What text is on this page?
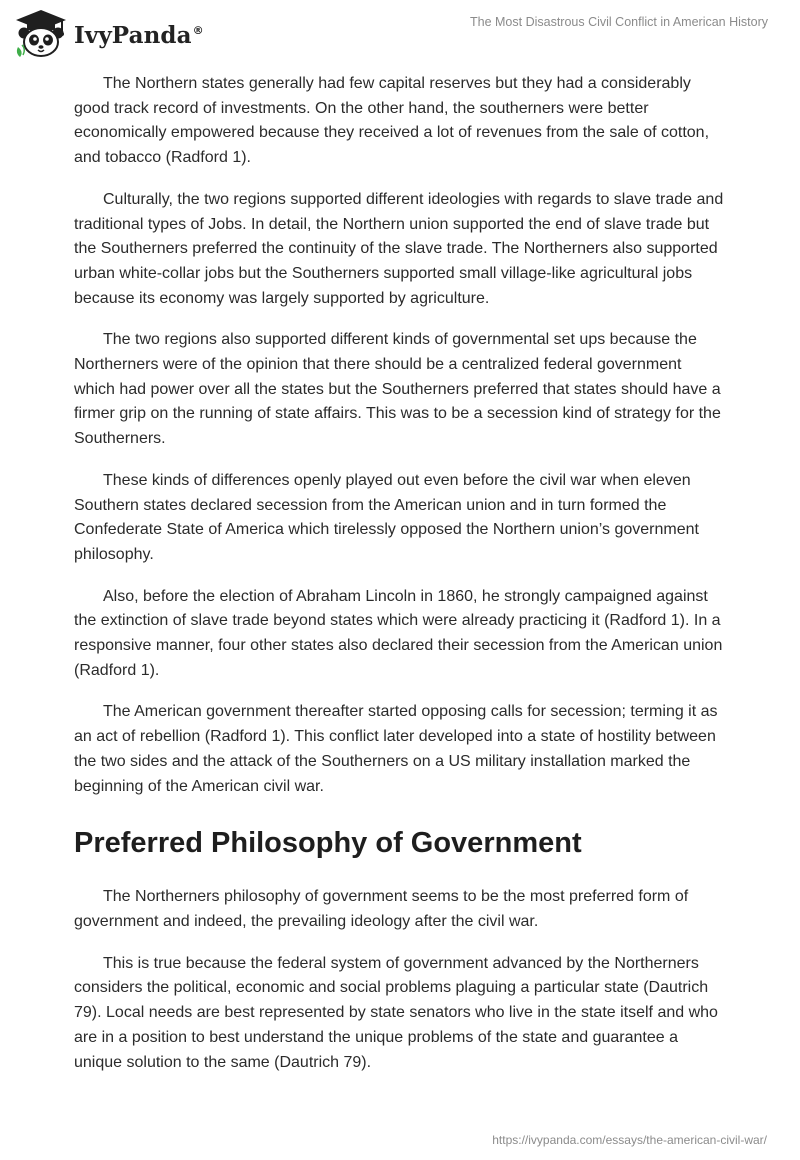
IvyPanda®
The Most Disastrous Civil Conflict in American History

The Northern states generally had few capital reserves but they had a considerably good track record of investments. On the other hand, the southerners were better economically empowered because they received a lot of revenues from the sale of cotton, and tobacco (Radford 1).

Culturally, the two regions supported different ideologies with regards to slave trade and traditional types of Jobs. In detail, the Northern union supported the end of slave trade but the Southerners preferred the continuity of the slave trade. The Northerners also supported urban white-collar jobs but the Southerners supported small village-like agricultural jobs because its economy was largely supported by agriculture.

The two regions also supported different kinds of governmental set ups because the Northerners were of the opinion that there should be a centralized federal government which had power over all the states but the Southerners preferred that states should have a firmer grip on the running of state affairs. This was to be a secession kind of strategy for the Southerners.

These kinds of differences openly played out even before the civil war when eleven Southern states declared secession from the American union and in turn formed the Confederate State of America which tirelessly opposed the Northern union’s government philosophy.

Also, before the election of Abraham Lincoln in 1860, he strongly campaigned against the extinction of slave trade beyond states which were already practicing it (Radford 1). In a responsive manner, four other states also declared their secession from the American union (Radford 1).

The American government thereafter started opposing calls for secession; terming it as an act of rebellion (Radford 1). This conflict later developed into a state of hostility between the two sides and the attack of the Southerners on a US military installation marked the beginning of the American civil war.

Preferred Philosophy of Government

The Northerners philosophy of government seems to be the most preferred form of government and indeed, the prevailing ideology after the civil war.

This is true because the federal system of government advanced by the Northerners considers the political, economic and social problems plaguing a particular state (Dautrich 79). Local needs are best represented by state senators who live in the state itself and who are in a position to best understand the unique problems of the state and guarantee a unique solution to the same (Dautrich 79).

https://ivypanda.com/essays/the-american-civil-war/
